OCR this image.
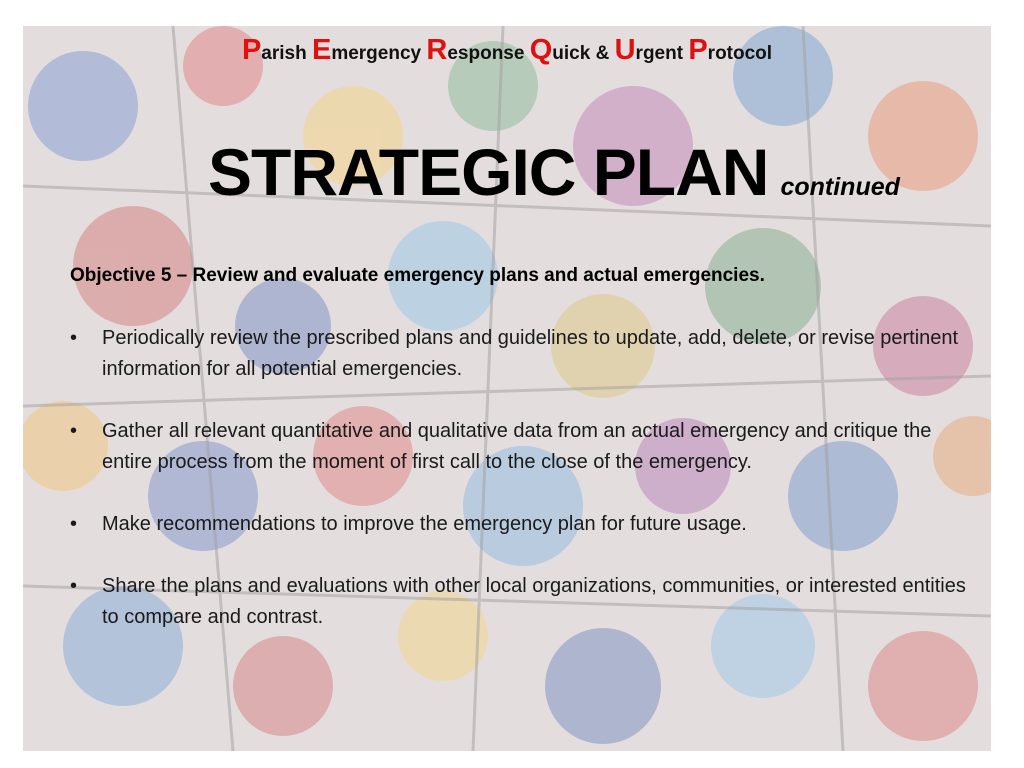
Parish Emergency Response Quick & Urgent Protocol
STRATEGIC PLAN continued
Objective 5 – Review and evaluate emergency plans and actual emergencies.
•	Periodically review the prescribed plans and guidelines to update, add, delete, or revise pertinent information for all potential emergencies.
•	Gather all relevant quantitative and qualitative data from an actual emergency and critique the entire process from the moment of first call to the close of the emergency.
•	Make recommendations to improve the emergency plan for future usage.
•	Share the plans and evaluations with other local organizations, communities, or interested entities to compare and contrast.
